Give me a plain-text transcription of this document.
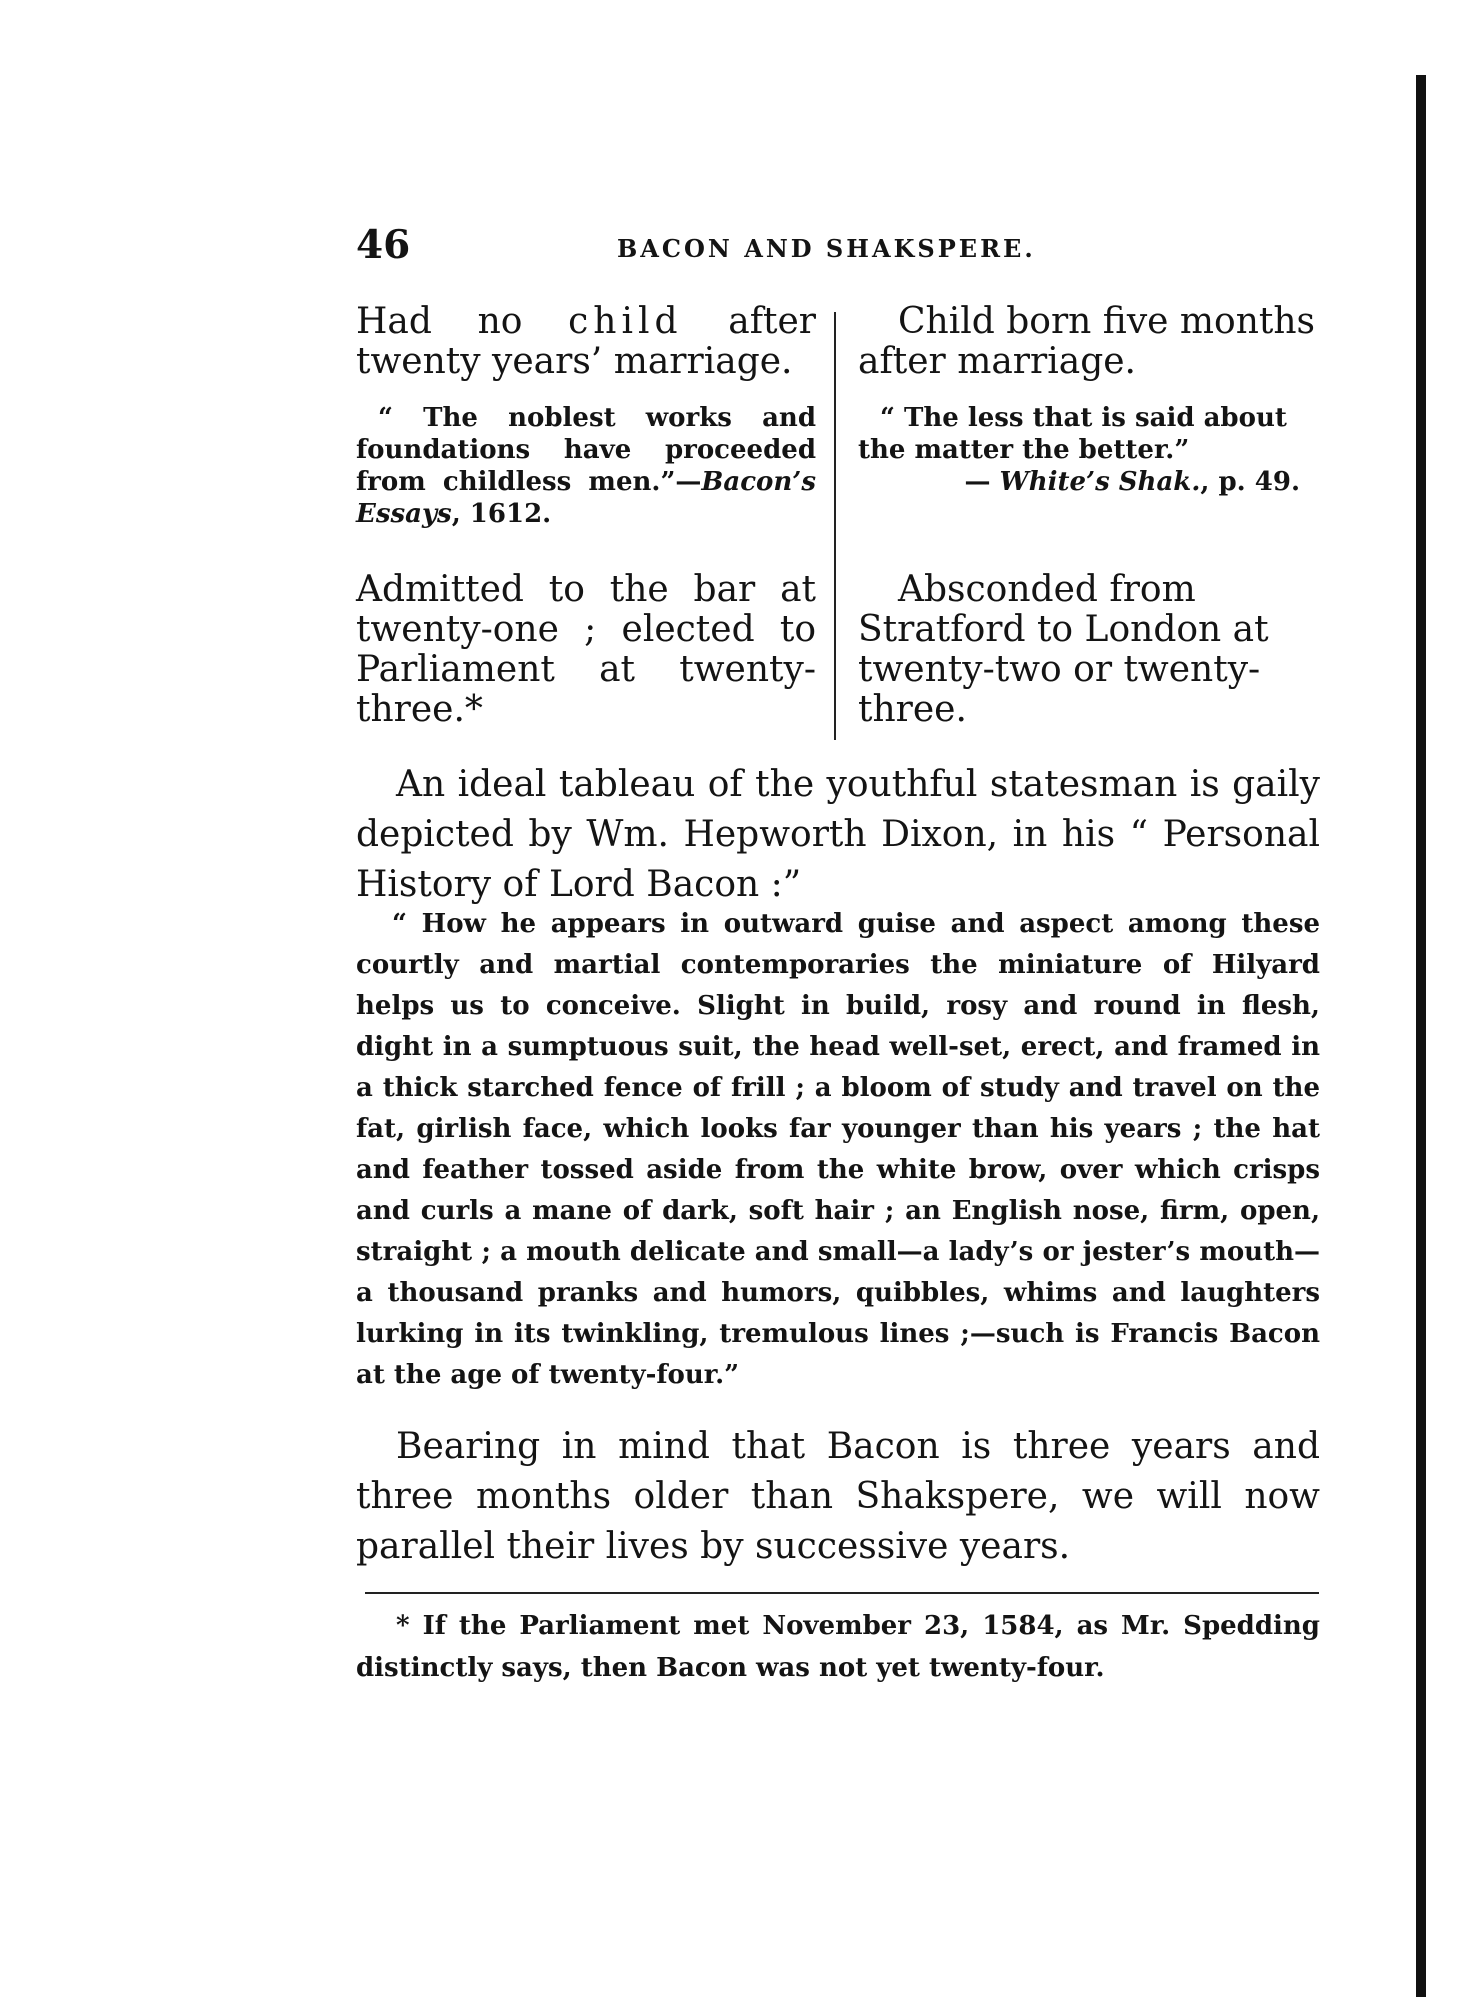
46	BACON AND SHAKSPERE.

Had no child after twenty years’ marriage.

“ The noblest works and foundations have proceeded from childless men.”—Bacon’s Essays, 1612.

Admitted to the bar at twenty-one ; elected to Parliament at twenty-three.*

Child born five months after marriage.

“ The less that is said about the matter the better.”

— White’s Shak., p. 49.

Absconded from Stratford to London at twenty-two or twenty-three.

An ideal tableau of the youthful statesman is gaily depicted by Wm. Hepworth Dixon, in his “ Personal History of Lord Bacon :”

“ How he appears in outward guise and aspect among these courtly and martial contemporaries the miniature of Hilyard helps us to conceive. Slight in build, rosy and round in flesh, dight in a sumptuous suit, the head well-set, erect, and framed in a thick starched fence of frill ; a bloom of study and travel on the fat, girlish face, which looks far younger than his years ; the hat and feather tossed aside from the white brow, over which crisps and curls a mane of dark, soft hair ; an English nose, firm, open, straight ; a mouth delicate and small—a lady’s or jester’s mouth—a thousand pranks and humors, quibbles, whims and laughters lurking in its twinkling, tremulous lines ;—such is Francis Bacon at the age of twenty-four.”

Bearing in mind that Bacon is three years and three months older than Shakspere, we will now parallel their lives by successive years.

* If the Parliament met November 23, 1584, as Mr. Spedding distinctly says, then Bacon was not yet twenty-four.
